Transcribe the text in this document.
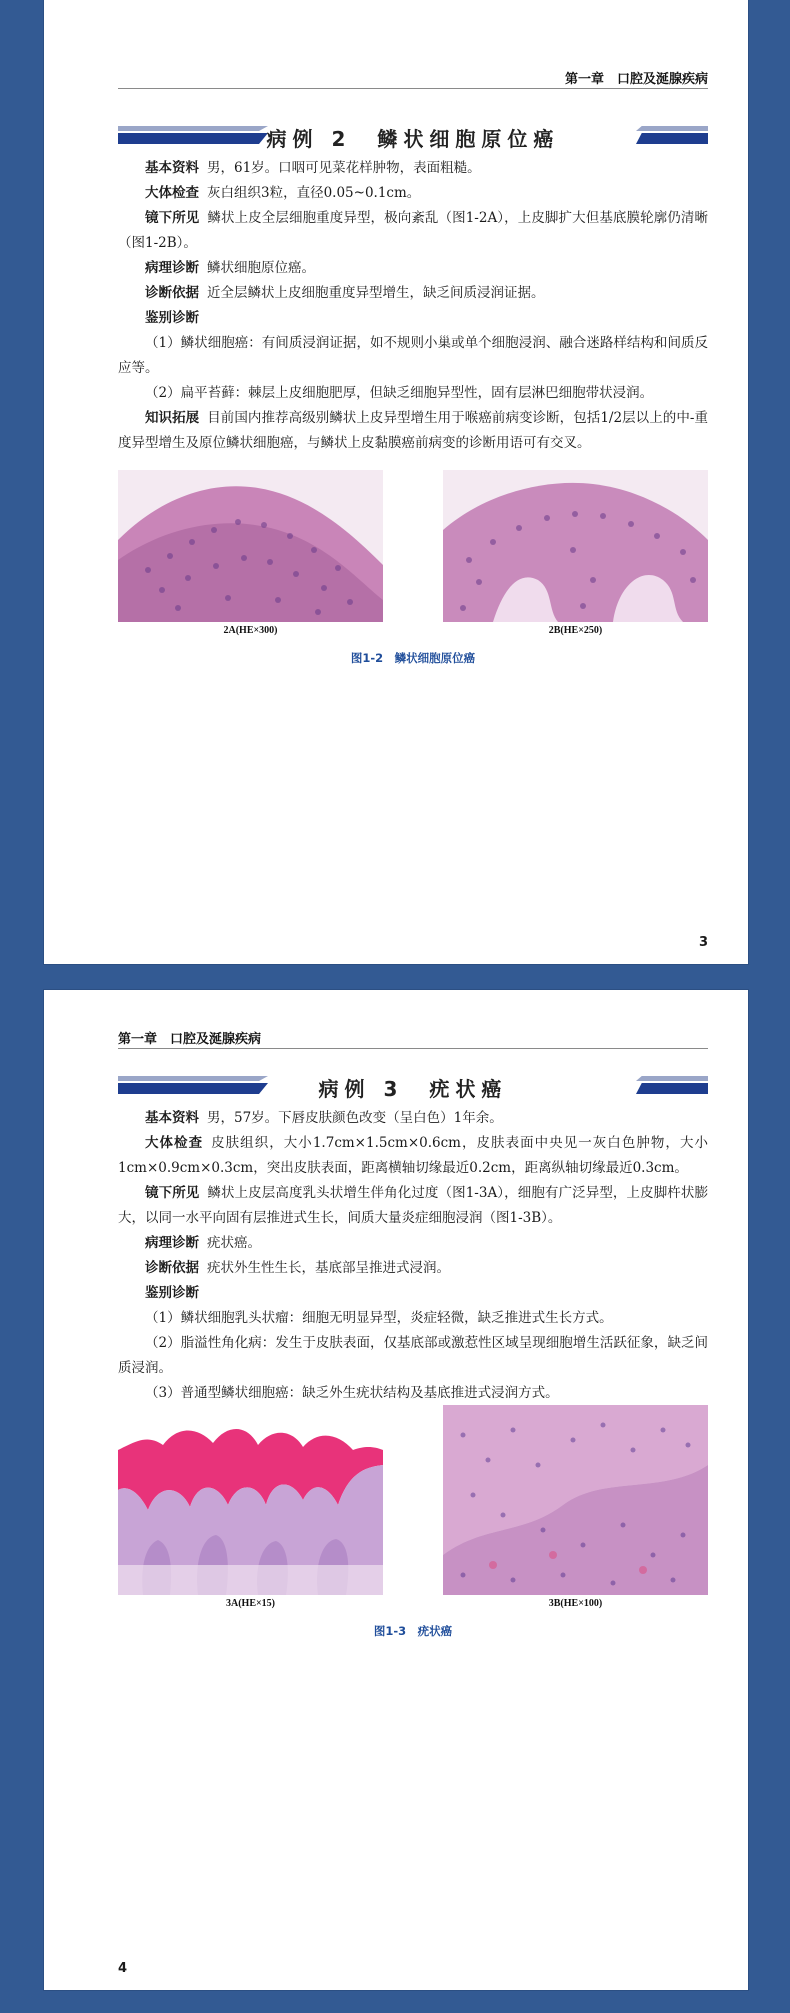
第一章　口腔及涎腺疾病
病例 2　鳞状细胞原位癌

基本资料 男，61岁。口咽可见菜花样肿物，表面粗糙。

大体检查 灰白组织3粒，直径0.05~0.1cm。

镜下所见 鳞状上皮全层细胞重度异型，极向紊乱（图1-2A），上皮脚扩大但基底膜轮廓仍清晰（图1-2B）。

病理诊断 鳞状细胞原位癌。

诊断依据 近全层鳞状上皮细胞重度异型增生，缺乏间质浸润证据。

鉴别诊断

（1）鳞状细胞癌：有间质浸润证据，如不规则小巢或单个细胞浸润、融合迷路样结构和间质反应等。

（2）扁平苔藓：棘层上皮细胞肥厚，但缺乏细胞异型性，固有层淋巴细胞带状浸润。

知识拓展 目前国内推荐高级别鳞状上皮异型增生用于喉癌前病变诊断，包括1/2层以上的中-重度异型增生及原位鳞状细胞癌，与鳞状上皮黏膜癌前病变的诊断用语可有交叉。

2A(HE×300)	2B(HE×250)
图1-2　鳞状细胞原位癌
3
第一章　口腔及涎腺疾病
病例 3　疣状癌

基本资料 男，57岁。下唇皮肤颜色改变（呈白色）1年余。

大体检查 皮肤组织，大小1.7cm×1.5cm×0.6cm，皮肤表面中央见一灰白色肿物，大小1cm×0.9cm×0.3cm，突出皮肤表面，距离横轴切缘最近0.2cm，距离纵轴切缘最近0.3cm。

镜下所见 鳞状上皮层高度乳头状增生伴角化过度（图1-3A），细胞有广泛异型，上皮脚杵状膨大，以同一水平向固有层推进式生长，间质大量炎症细胞浸润（图1-3B）。

病理诊断 疣状癌。

诊断依据 疣状外生性生长，基底部呈推进式浸润。

鉴别诊断

（1）鳞状细胞乳头状瘤：细胞无明显异型，炎症轻微，缺乏推进式生长方式。

（2）脂溢性角化病：发生于皮肤表面，仅基底部或激惹性区域呈现细胞增生活跃征象，缺乏间质浸润。

（3）普通型鳞状细胞癌：缺乏外生疣状结构及基底推进式浸润方式。

3A(HE×15)	3B(HE×100)
图1-3　疣状癌
4
